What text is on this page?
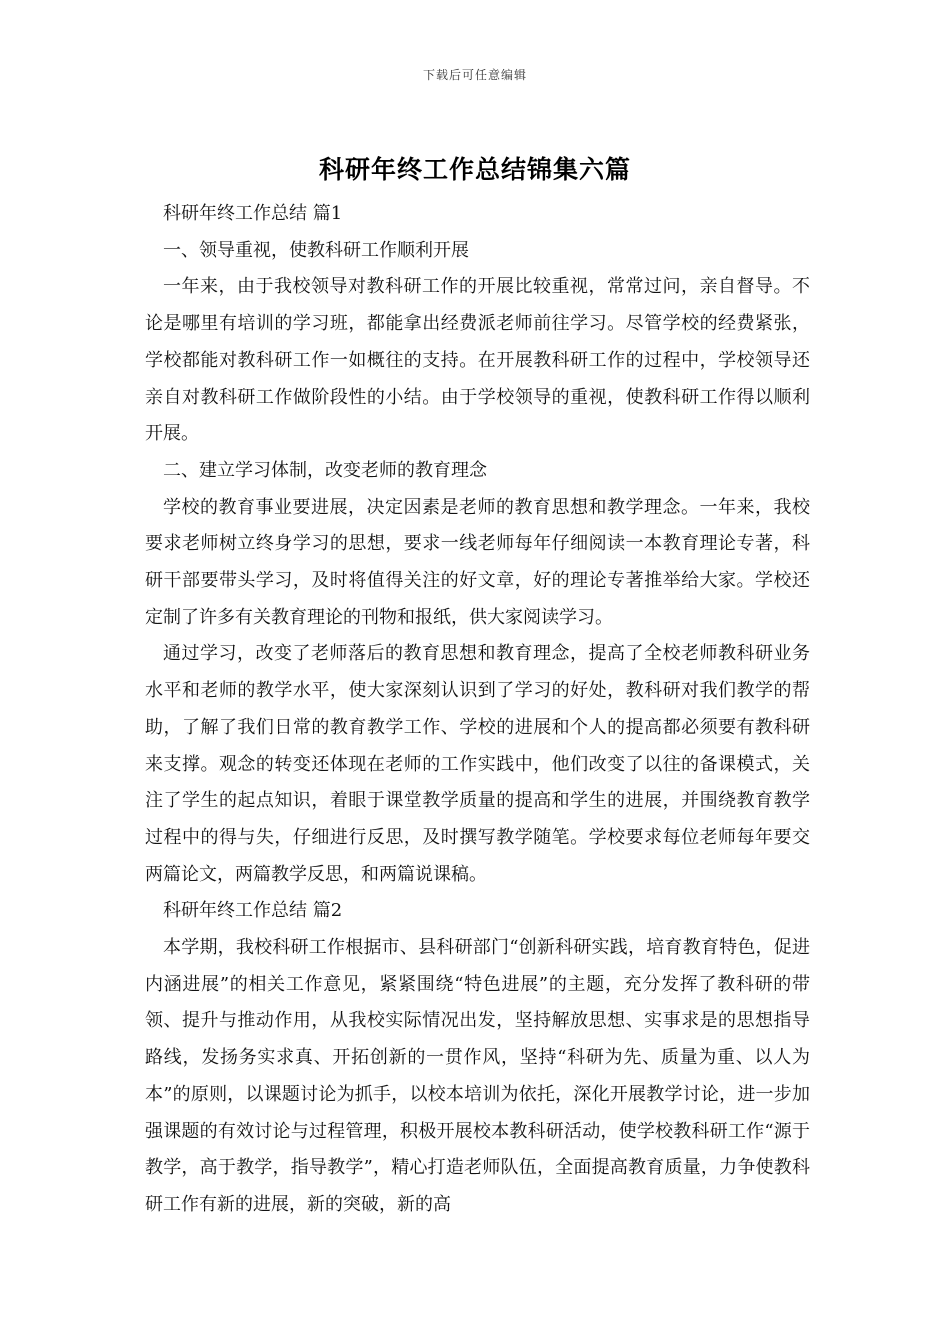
下载后可任意编辑
科研年终工作总结锦集六篇

科研年终工作总结 篇1

一、领导重视，使教科研工作顺利开展

一年来，由于我校领导对教科研工作的开展比较重视，常常过问，亲自督导。不论是哪里有培训的学习班，都能拿出经费派老师前往学习。尽管学校的经费紧张，学校都能对教科研工作一如概往的支持。在开展教科研工作的过程中，学校领导还亲自对教科研工作做阶段性的小结。由于学校领导的重视，使教科研工作得以顺利开展。

二、建立学习体制，改变老师的教育理念

学校的教育事业要进展，决定因素是老师的教育思想和教学理念。一年来，我校要求老师树立终身学习的思想，要求一线老师每年仔细阅读一本教育理论专著，科研干部要带头学习，及时将值得关注的好文章，好的理论专著推举给大家。学校还定制了许多有关教育理论的刊物和报纸，供大家阅读学习。

通过学习，改变了老师落后的教育思想和教育理念，提高了全校老师教科研业务水平和老师的教学水平，使大家深刻认识到了学习的好处，教科研对我们教学的帮助，了解了我们日常的教育教学工作、学校的进展和个人的提高都必须要有教科研来支撑。观念的转变还体现在老师的工作实践中，他们改变了以往的备课模式，关注了学生的起点知识，着眼于课堂教学质量的提高和学生的进展，并围绕教育教学过程中的得与失，仔细进行反思，及时撰写教学随笔。学校要求每位老师每年要交两篇论文，两篇教学反思，和两篇说课稿。

科研年终工作总结 篇2

本学期，我校科研工作根据市、县科研部门“创新科研实践，培育教育特色，促进内涵进展”的相关工作意见，紧紧围绕“特色进展”的主题，充分发挥了教科研的带领、提升与推动作用，从我校实际情况出发，坚持解放思想、实事求是的思想指导路线，发扬务实求真、开拓创新的一贯作风，坚持“科研为先、质量为重、以人为本”的原则，以课题讨论为抓手，以校本培训为依托，深化开展教学讨论，进一步加强课题的有效讨论与过程管理，积极开展校本教科研活动，使学校教科研工作“源于教学，高于教学，指导教学”，精心打造老师队伍，全面提高教育质量，力争使教科研工作有新的进展，新的突破，新的高
